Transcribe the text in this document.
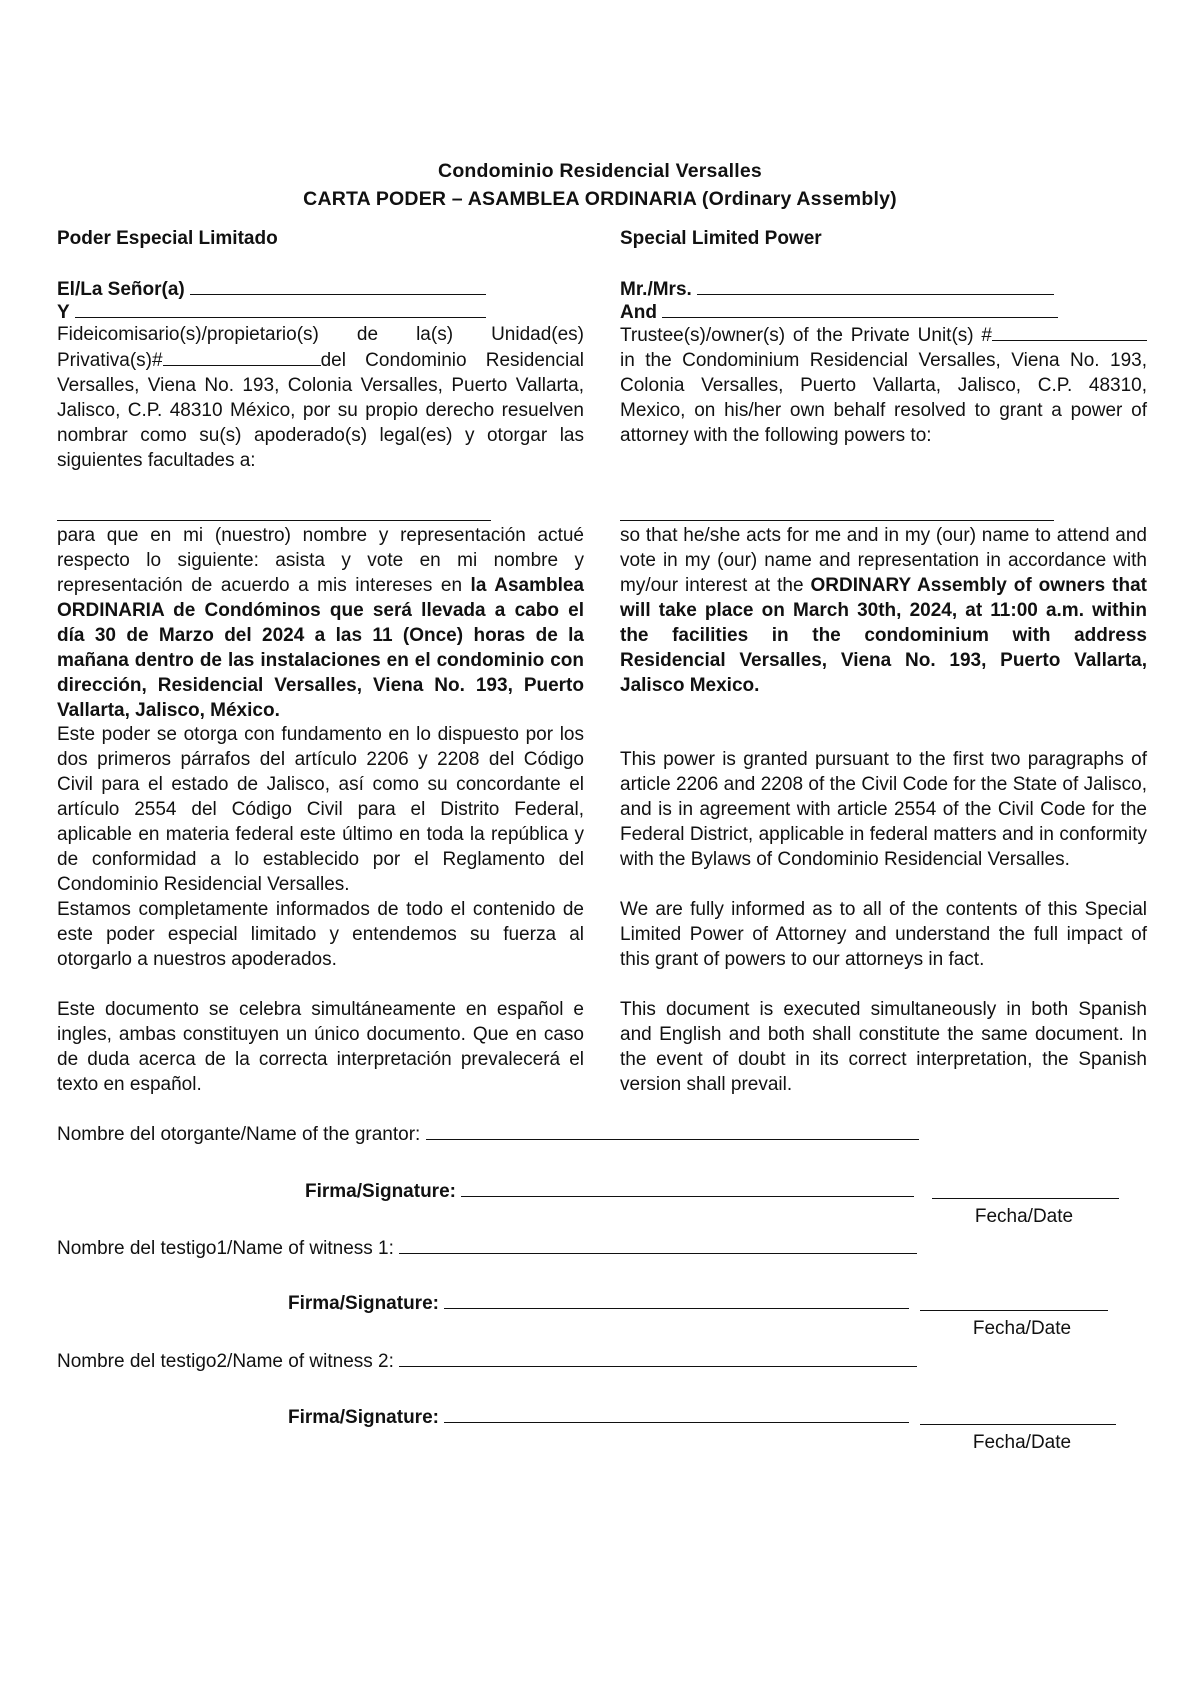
Condominio Residencial Versalles
CARTA PODER – ASAMBLEA ORDINARIA (Ordinary Assembly)
Poder Especial Limitado
El/La Señor(a)
Y
Fideicomisario(s)/propietario(s) de la(s) Unidad(es) Privativa(s)#	del Condominio Residencial Versalles, Viena No. 193, Colonia Versalles, Puerto Vallarta, Jalisco, C.P. 48310 México, por su propio derecho resuelven nombrar como su(s) apoderado(s) legal(es) y otorgar las siguientes facultades a:
para que en mi (nuestro) nombre y representación actué respecto lo siguiente: asista y vote en mi nombre y representación de acuerdo a mis intereses en la Asamblea ORDINARIA de Condóminos que será llevada a cabo el día 30 de Marzo del 2024 a las 11 (Once) horas de la mañana dentro de las instalaciones en el condominio con dirección, Residencial Versalles, Viena No. 193, Puerto Vallarta, Jalisco, México.
Este poder se otorga con fundamento en lo dispuesto por los dos primeros párrafos del artículo 2206 y 2208 del Código Civil para el estado de Jalisco, así como su concordante el artículo 2554 del Código Civil para el Distrito Federal, aplicable en materia federal este último en toda la república y de conformidad a lo establecido por el Reglamento del Condominio Residencial Versalles.
Estamos completamente informados de todo el contenido de este poder especial limitado y entendemos su fuerza al otorgarlo a nuestros apoderados.
Este documento se celebra simultáneamente en español e ingles, ambas constituyen un único documento. Que en caso de duda acerca de la correcta interpretación prevalecerá el texto en español.
Special Limited Power
Mr./Mrs.
And
Trustee(s)/owner(s) of the Private Unit(s) # in the Condominium Residencial Versalles, Viena No. 193, Colonia Versalles, Puerto Vallarta, Jalisco, C.P. 48310, Mexico, on his/her own behalf resolved to grant a power of attorney with the following powers to:
so that he/she acts for me and in my (our) name to attend and vote in my (our) name and representation in accordance with my/our interest at the ORDINARY Assembly of owners that will take place on March 30th, 2024, at 11:00 a.m. within the facilities in the condominium with address Residencial Versalles, Viena No. 193, Puerto Vallarta, Jalisco Mexico.
This power is granted pursuant to the first two paragraphs of article 2206 and 2208 of the Civil Code for the State of Jalisco, and is in agreement with article 2554 of the Civil Code for the Federal District, applicable in federal matters and in conformity with the Bylaws of Condominio Residencial Versalles.
We are fully informed as to all of the contents of this Special Limited Power of Attorney and understand the full impact of this grant of powers to our attorneys in fact.
This document is executed simultaneously in both Spanish and English and both shall constitute the same document. In the event of doubt in its correct interpretation, the Spanish version shall prevail.
Nombre del otorgante/Name of the grantor:
Firma/Signature:
Fecha/Date
Nombre del testigo1/Name of witness 1:
Firma/Signature:
Fecha/Date
Nombre del testigo2/Name of witness 2:
Firma/Signature:
Fecha/Date
